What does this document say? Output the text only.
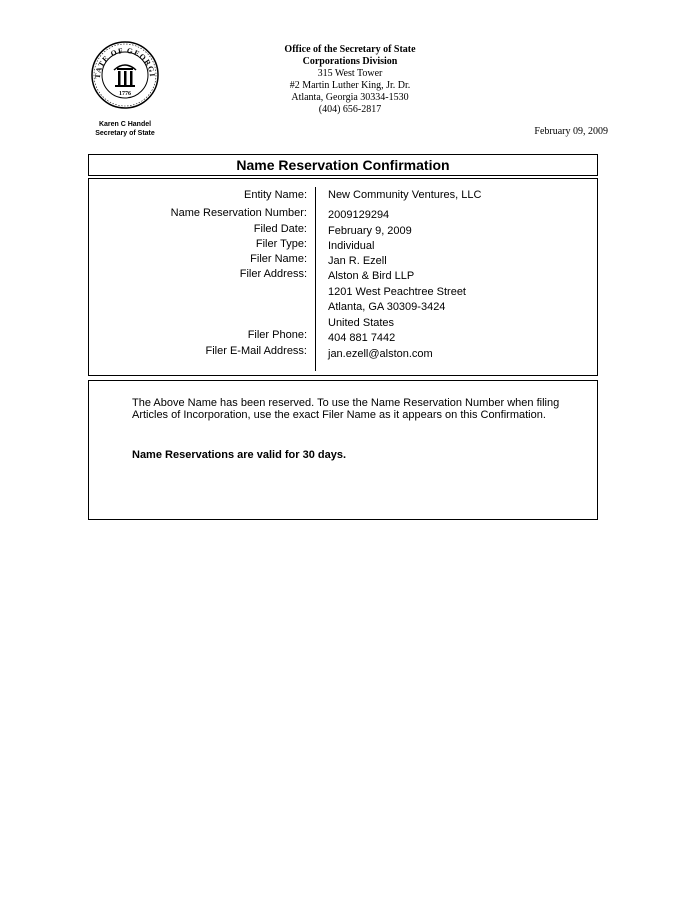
TATE OF GEORGI
1776
Karen C Handel
Secretary of State
Office of the Secretary of State
Corporations Division
315 West Tower
#2 Martin Luther King, Jr. Dr.
Atlanta, Georgia 30334-1530
(404) 656-2817
February 09, 2009
Name Reservation Confirmation
Entity Name: New Community Ventures, LLC
Name Reservation Number: 2009129294
Filed Date: February 9, 2009
Filer Type: Individual
Filer Name: Jan R. Ezell
Filer Address: Alston & Bird LLP
1201 West Peachtree Street
Atlanta, GA 30309-3424
United States
Filer Phone: 404 881 7442
Filer E-Mail Address: jan.ezell@alston.com
The Above Name has been reserved. To use the Name Reservation Number when filing Articles of Incorporation, use the exact Filer Name as it appears on this Confirmation.
Name Reservations are valid for 30 days.
